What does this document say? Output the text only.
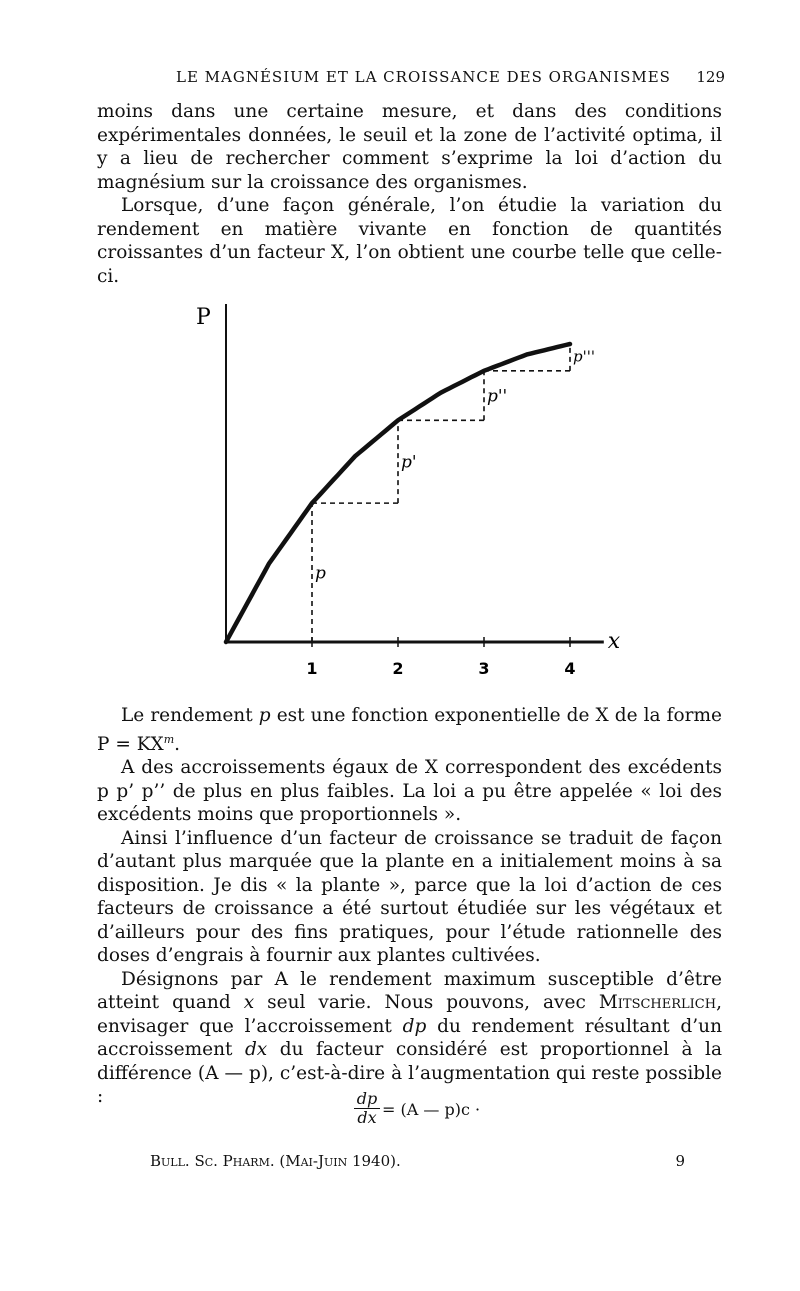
LE MAGNÉSIUM ET LA CROISSANCE DES ORGANISMES 129

moins dans une certaine mesure, et dans des conditions expérimentales données, le seuil et la zone de l’activité optima, il y a lieu de rechercher comment s’exprime la loi d’action du magnésium sur la croissance des organismes.

Lorsque, d’une façon générale, l’on étudie la variation du rendement en matière vivante en fonction de quantités croissantes d’un facteur X, l’on obtient une courbe telle que celle-ci.

P
x
1	2	3	4
p
p'
p''
p'''

Le rendement p est une fonction exponentielle de X de la forme $P = KX^m$.

A des accroissements égaux de X correspondent des excédents p p’ p’’ de plus en plus faibles. La loi a pu être appelée « loi des excédents moins que proportionnels ».

Ainsi l’influence d’un facteur de croissance se traduit de façon d’autant plus marquée que la plante en a initialement moins à sa disposition. Je dis « la plante », parce que la loi d’action de ces facteurs de croissance a été surtout étudiée sur les végétaux et d’ailleurs pour des fins pratiques, pour l’étude rationnelle des doses d’engrais à fournir aux plantes cultivées.

Désignons par A le rendement maximum susceptible d’être atteint quand x seul varie. Nous pouvons, avec Mitscherlich, envisager que l’accroissement dp du rendement résultant d’un accroissement dx du facteur considéré est proportionnel à la différence (A — p), c’est-à-dire à l’augmentation qui reste possible :	$\frac{dp}{dx} = (A$ — p)c ·
Bull. Sc. Pharm. (Mai-Juin 1940).	9
